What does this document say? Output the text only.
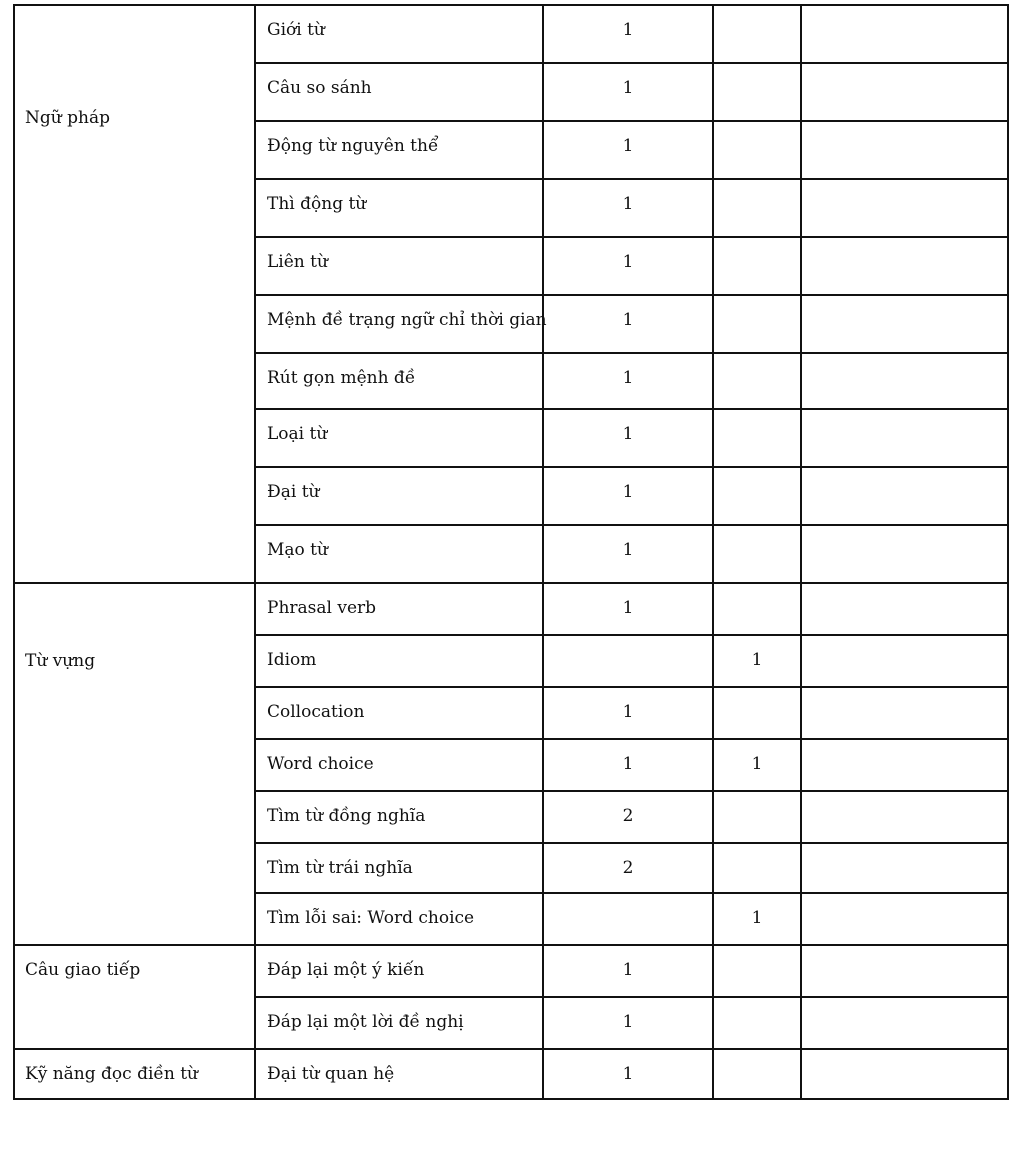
Ngữ pháp	Giới từ	1		

	Câu so sánh	1		

	Động từ nguyên thể	1		

	Thì động từ	1		

	Liên từ	1		

	Mệnh đề trạng ngữ chỉ thời gian	1		

	Rút gọn mệnh đề	1		

	Loại từ	1		

	Đại từ	1		

	Mạo từ	1		

Từ vựng	Phrasal verb	1		

	Idiom		1	

	Collocation	1		

	Word choice	1	1	

	Tìm từ đồng nghĩa	2		

	Tìm từ trái nghĩa	2		

	Tìm lỗi sai: Word choice		1	

Câu giao tiếp	Đáp lại một ý kiến	1		

	Đáp lại một lời đề nghị	1		

Kỹ năng đọc điền từ	Đại từ quan hệ	1		
